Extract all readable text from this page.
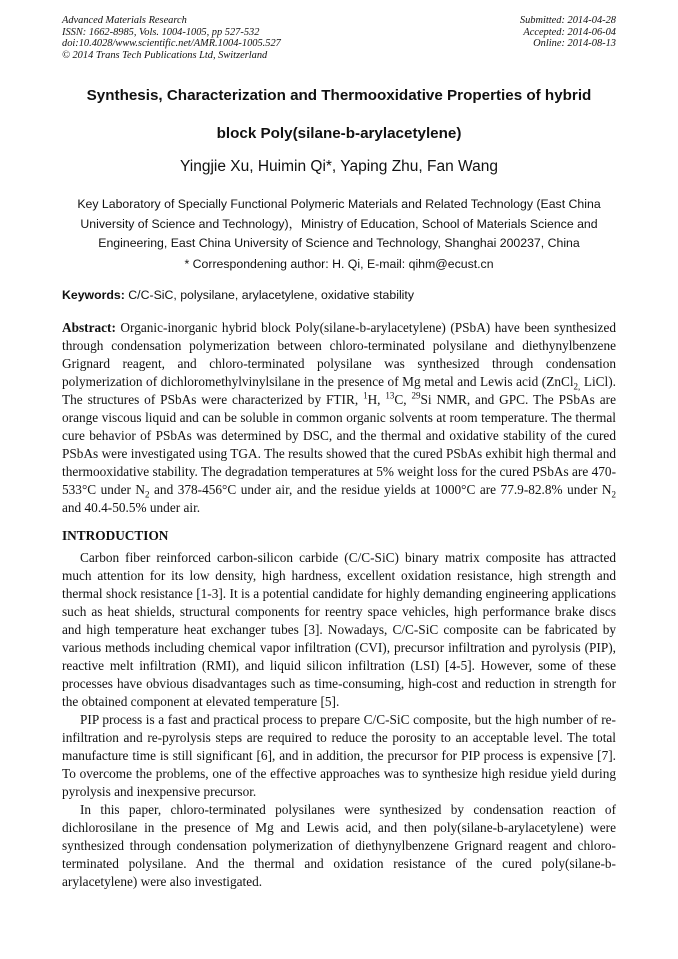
Advanced Materials Research
ISSN: 1662-8985, Vols. 1004-1005, pp 527-532
doi:10.4028/www.scientific.net/AMR.1004-1005.527
© 2014 Trans Tech Publications Ltd, Switzerland
Submitted: 2014-04-28
Accepted: 2014-06-04
Online: 2014-08-13
Synthesis, Characterization and Thermooxidative Properties of hybrid
block Poly(silane-b-arylacetylene)
Yingjie Xu, Huimin Qi*, Yaping Zhu, Fan Wang
Key Laboratory of Specially Functional Polymeric Materials and Related Technology (East China University of Science and Technology)，Ministry of Education, School of Materials Science and Engineering, East China University of Science and Technology, Shanghai 200237, China
* Correspondening author: H. Qi, E-mail: qihm@ecust.cn
Keywords: C/C-SiC, polysilane, arylacetylene, oxidative stability
Abstract: Organic-inorganic hybrid block Poly(silane-b-arylacetylene) (PSbA) have been synthesized through condensation polymerization between chloro-terminated polysilane and diethynylbenzene Grignard reagent, and chloro-terminated polysilane was synthesized through condensation polymerization of dichloromethylvinylsilane in the presence of Mg metal and Lewis acid (ZnCl$_{2,}$ LiCl). The structures of PSbAs were characterized by FTIR, $^1$H, $^{13}$C, $^{29}$Si NMR, and GPC. The PSbAs are orange viscous liquid and can be soluble in common organic solvents at room temperature. The thermal cure behavior of PSbAs was determined by DSC, and the thermal and oxidative stability of the cured PSbAs were investigated using TGA. The results showed that the cured PSbAs exhibit high thermal and thermooxidative stability. The degradation temperatures at 5% weight loss for the cured PSbAs are 470-533°C under $N_2$ and 378-456°C under air, and the residue yields at 1000°C are 77.9-82.8% under $N_2$ and 40.4-50.5% under air.
INTRODUCTION

Carbon fiber reinforced carbon-silicon carbide (C/C-SiC) binary matrix composite has attracted much attention for its low density, high hardness, excellent oxidation resistance, high strength and thermal shock resistance [1-3]. It is a potential candidate for highly demanding engineering applications such as heat shields, structural components for reentry space vehicles, high performance brake discs and high temperature heat exchanger tubes [3]. Nowadays, C/C-SiC composite can be fabricated by various methods including chemical vapor infiltration (CVI), precursor infiltration and pyrolysis (PIP), reactive melt infiltration (RMI), and liquid silicon infiltration (LSI) [4-5]. However, some of these processes have obvious disadvantages such as time-consuming, high-cost and reduction in strength for the obtained component at elevated temperature [5].

PIP process is a fast and practical process to prepare C/C-SiC composite, but the high number of re-infiltration and re-pyrolysis steps are required to reduce the porosity to an acceptable level. The total manufacture time is still significant [6], and in addition, the precursor for PIP process is expensive [7]. To overcome the problems, one of the effective approaches was to synthesize high residue yield during pyrolysis and inexpensive precursor.

In this paper, chloro-terminated polysilanes were synthesized by condensation reaction of dichlorosilane in the presence of Mg and Lewis acid, and then poly(silane-b-arylacetylene) were synthesized through condensation polymerization of diethynylbenzene Grignard reagent and chloro-terminated polysilane. And the thermal and oxidation resistance of the cured poly(silane-b-arylacetylene) were also investigated.
